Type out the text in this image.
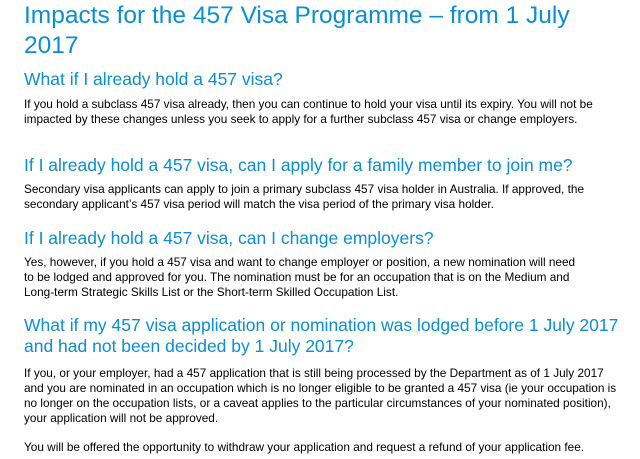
Impacts for the 457 Visa Programme – from 1 July 2017
What if I already hold a 457 visa?

If you hold a subclass 457 visa already, then you can continue to hold your visa until its expiry. You will not be impacted by these changes unless you seek to apply for a further subclass 457 visa or change employers.

If I already hold a 457 visa, can I apply for a family member to join me?

Secondary visa applicants can apply to join a primary subclass 457 visa holder in Australia. If approved, the secondary applicant’s 457 visa period will match the visa period of the primary visa holder.

If I already hold a 457 visa, can I change employers?

Yes, however, if you hold a 457 visa and want to change employer or position, a new nomination will need to be lodged and approved for you. The nomination must be for an occupation that is on the Medium and Long-term Strategic Skills List or the Short-term Skilled Occupation List.

What if my 457 visa application or nomination was lodged before 1 July 2017 and had not been decided by 1 July 2017?

If you, or your employer, had a 457 application that is still being processed by the Department as of 1 July 2017 and you are nominated in an occupation which is no longer eligible to be granted a 457 visa (ie your occupation is no longer on the occupation lists, or a caveat applies to the particular circumstances of your nominated position), your application will not be approved.

You will be offered the opportunity to withdraw your application and request a refund of your application fee.
